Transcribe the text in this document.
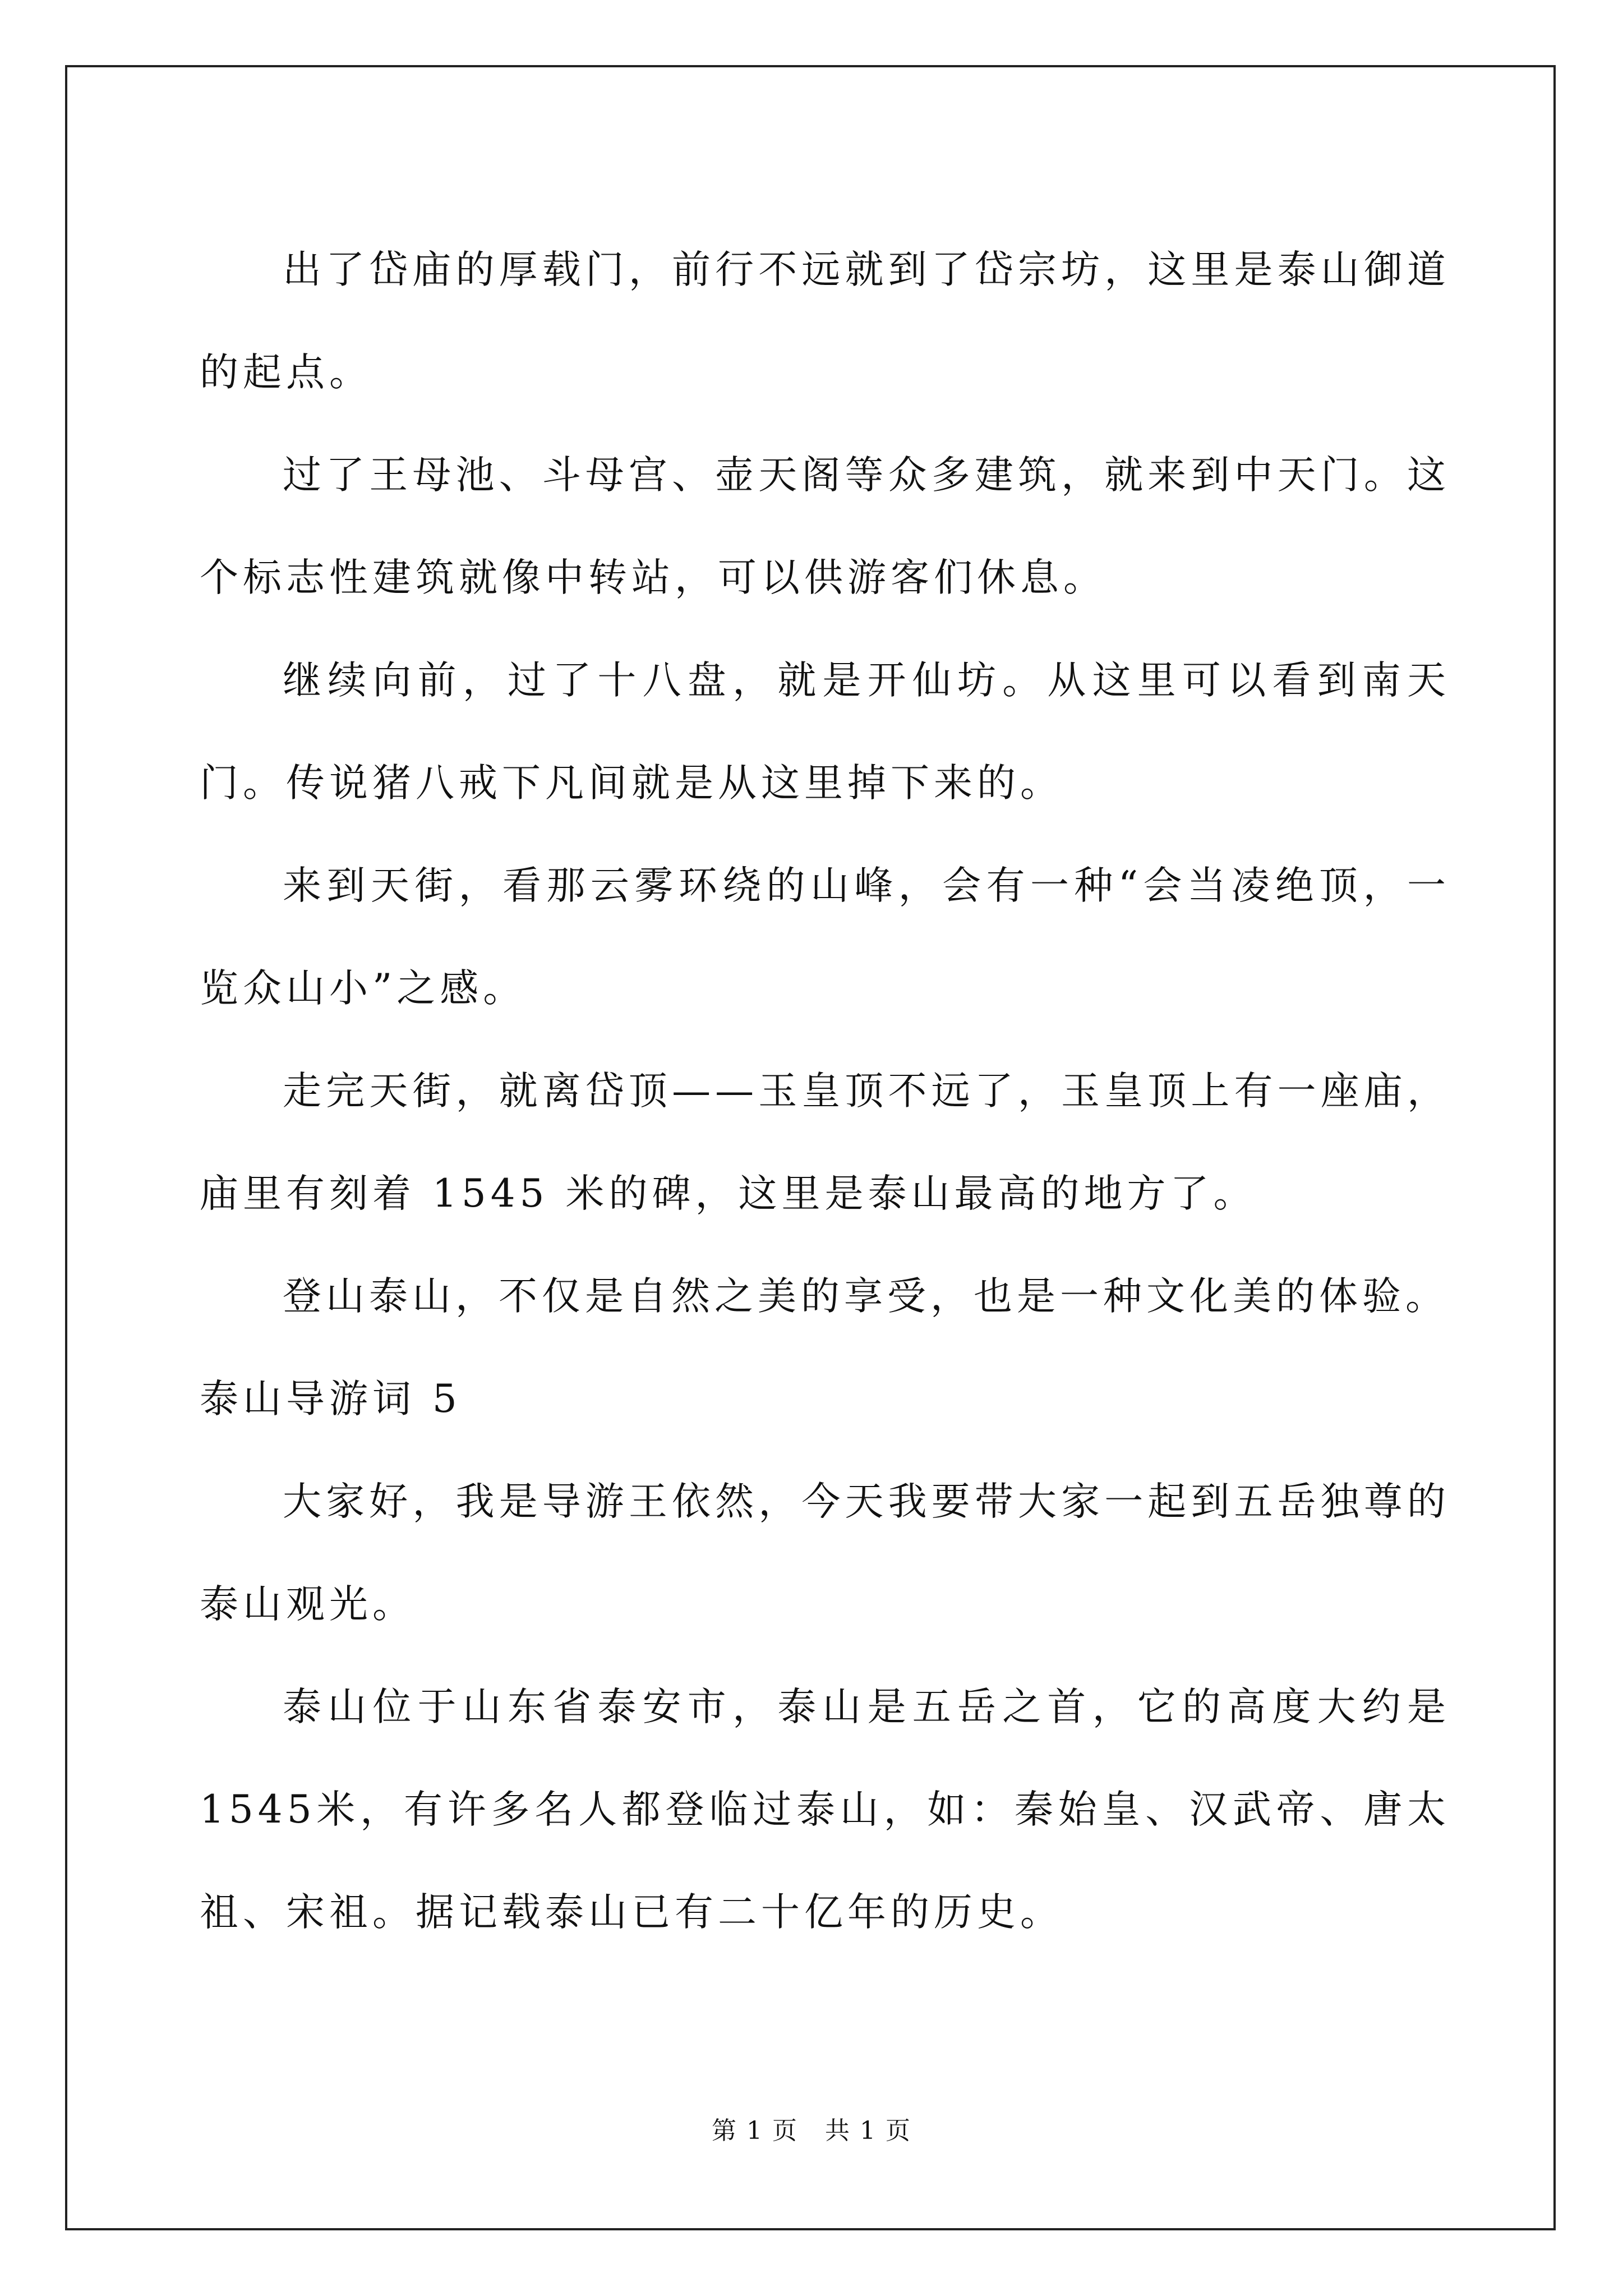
出了岱庙的厚载门，前行不远就到了岱宗坊，这里是泰山御道的起点。

过了王母池、斗母宫、壶天阁等众多建筑，就来到中天门。这个标志性建筑就像中转站，可以供游客们休息。

继续向前，过了十八盘，就是开仙坊。从这里可以看到南天门。传说猪八戒下凡间就是从这里掉下来的。

来到天街，看那云雾环绕的山峰，会有一种“会当凌绝顶，一览众山小”之感。

走完天街，就离岱顶——玉皇顶不远了，玉皇顶上有一座庙，庙里有刻着 1545 米的碑，这里是泰山最高的地方了。

登山泰山，不仅是自然之美的享受，也是一种文化美的体验。

泰山导游词 5

大家好，我是导游王依然，今天我要带大家一起到五岳独尊的泰山观光。

泰山位于山东省泰安市，泰山是五岳之首，它的高度大约是 1545米，有许多名人都登临过泰山，如：秦始皇、汉武帝、唐太祖、宋祖。据记载泰山已有二十亿年的历史。

第 1 页   共 1 页
